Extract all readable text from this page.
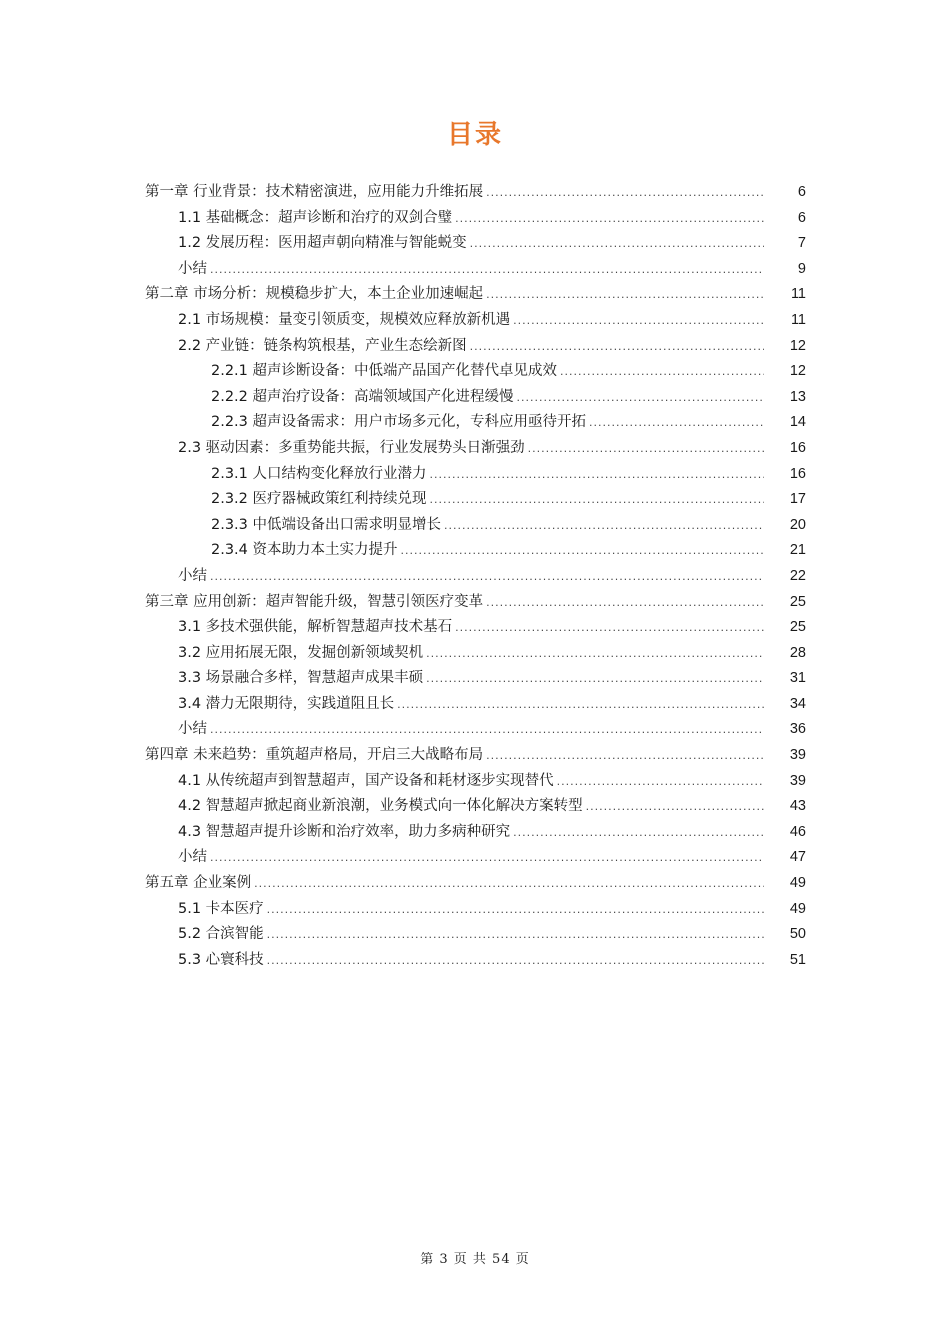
目录
第一章 行业背景：技术精密演进，应用能力升维拓展 .....	6
1.1 基础概念：超声诊断和治疗的双剑合璧 .....	6
1.2 发展历程：医用超声朝向精准与智能蜕变 .....	7
小结 .....	9
第二章 市场分析：规模稳步扩大，本土企业加速崛起 .....	11
2.1 市场规模：量变引领质变，规模效应释放新机遇 .....	11
2.2 产业链：链条构筑根基，产业生态绘新图 .....	12
2.2.1 超声诊断设备：中低端产品国产化替代卓见成效 .....	12
2.2.2 超声治疗设备：高端领域国产化进程缓慢 .....	13
2.2.3 超声设备需求：用户市场多元化，专科应用亟待开拓 .....	14
2.3 驱动因素：多重势能共振，行业发展势头日渐强劲 .....	16
2.3.1 人口结构变化释放行业潜力 .....	16
2.3.2 医疗器械政策红利持续兑现 .....	17
2.3.3 中低端设备出口需求明显增长 .....	20
2.3.4 资本助力本土实力提升 .....	21
小结 .....	22
第三章 应用创新：超声智能升级，智慧引领医疗变革 .....	25
3.1 多技术强供能，解析智慧超声技术基石 .....	25
3.2 应用拓展无限，发掘创新领域契机 .....	28
3.3 场景融合多样，智慧超声成果丰硕 .....	31
3.4 潜力无限期待，实践道阻且长 .....	34
小结 .....	36
第四章 未来趋势：重筑超声格局，开启三大战略布局 .....	39
4.1 从传统超声到智慧超声，国产设备和耗材逐步实现替代 .....	39
4.2 智慧超声掀起商业新浪潮，业务模式向一体化解决方案转型 .....	43
4.3 智慧超声提升诊断和治疗效率，助力多病种研究 .....	46
小结 .....	47
第五章 企业案例 .....	49
5.1 卡本医疗 .....	49
5.2 合滨智能 .....	50
5.3 心寰科技 .....	51
第 3 页 共 54 页
